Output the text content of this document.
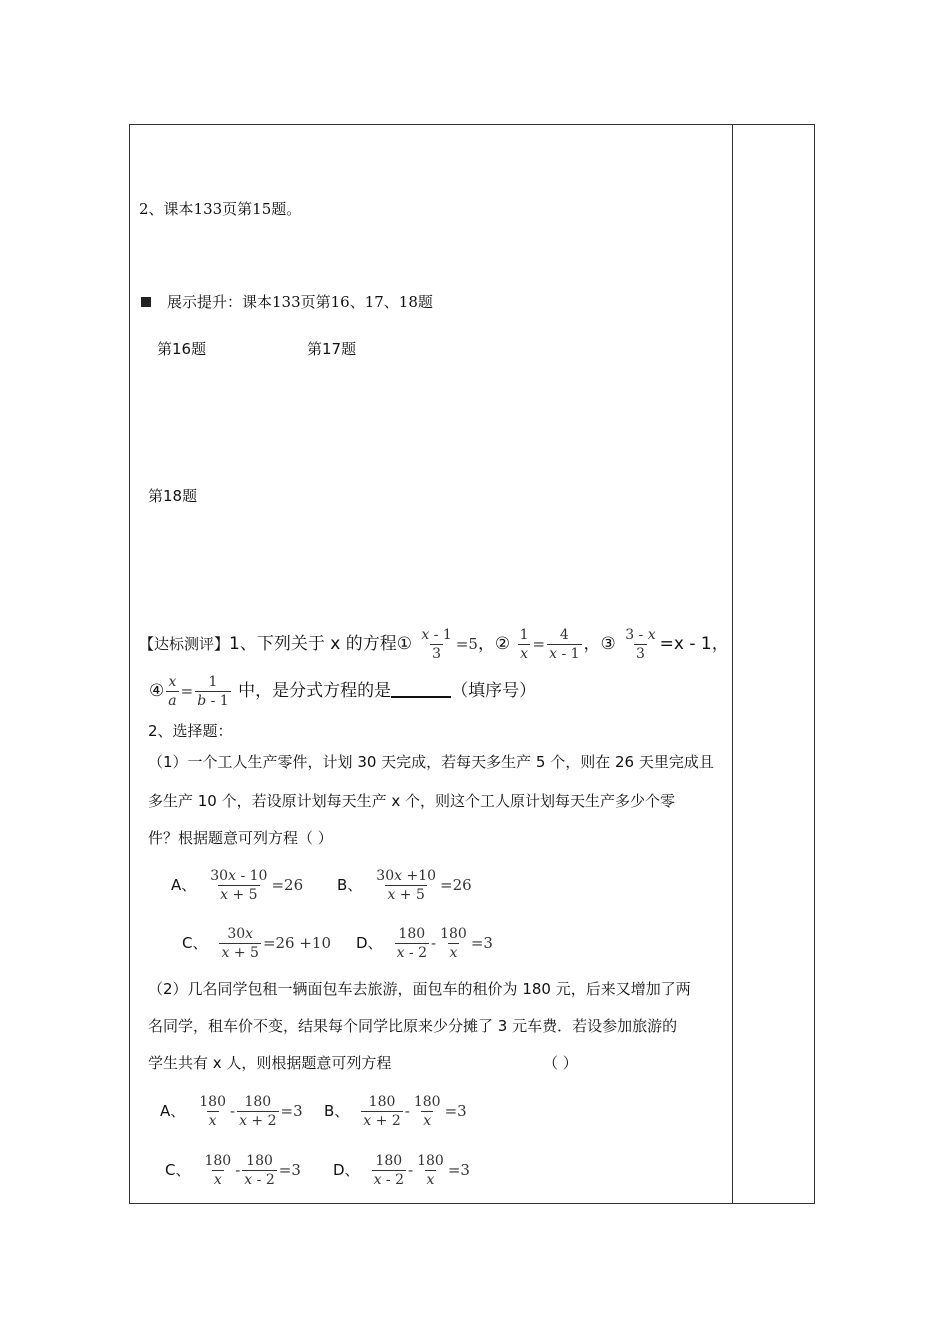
2、课本133页第15题。
展示提升：课本133页第16、17、18题
第16题	第17题
第18题
【达标测评】1、下列关于 x 的方程① $\frac{x - 1}{3} =5$，② $\frac{1}{x} = \frac{4}{x - 1}$ ，③ $\frac{3 - x}{3} =x - 1$，
④ $\frac{x}{a} = \frac{1}{b - 1}$ 中，是分式方程的是	（填序号）
2、选择题：
（1）一个工人生产零件，计划 30 天完成，若每天多生产 5 个，则在 26 天里完成且
多生产 10 个，若设原计划每天生产 x 个，则这个工人原计划每天生产多少个零
件？根据题意可列方程（ ）
A、 $\frac{30x - 10}{x + 5} =26$ B、 $\frac{30x +10}{x + 5} =26$
C、 $\frac{30x}{x + 5} =26 +10$ D、 $\frac{180}{x - 2} - \frac{180}{x} =3$
（2）几名同学包租一辆面包车去旅游，面包车的租价为 180 元，后来又增加了两
名同学，租车价不变，结果每个同学比原来少分摊了 3 元车费．若设参加旅游的
学生共有 x 人，则根据题意可列方程	（ ）
A、 $\frac{180}{x} - \frac{180}{x + 2} =3$ B、 $\frac{180}{x + 2} - \frac{180}{x} =3$
C、 $\frac{180}{x} - \frac{180}{x - 2} =3$ D、 $\frac{180}{x - 2} - \frac{180}{x} =3$
